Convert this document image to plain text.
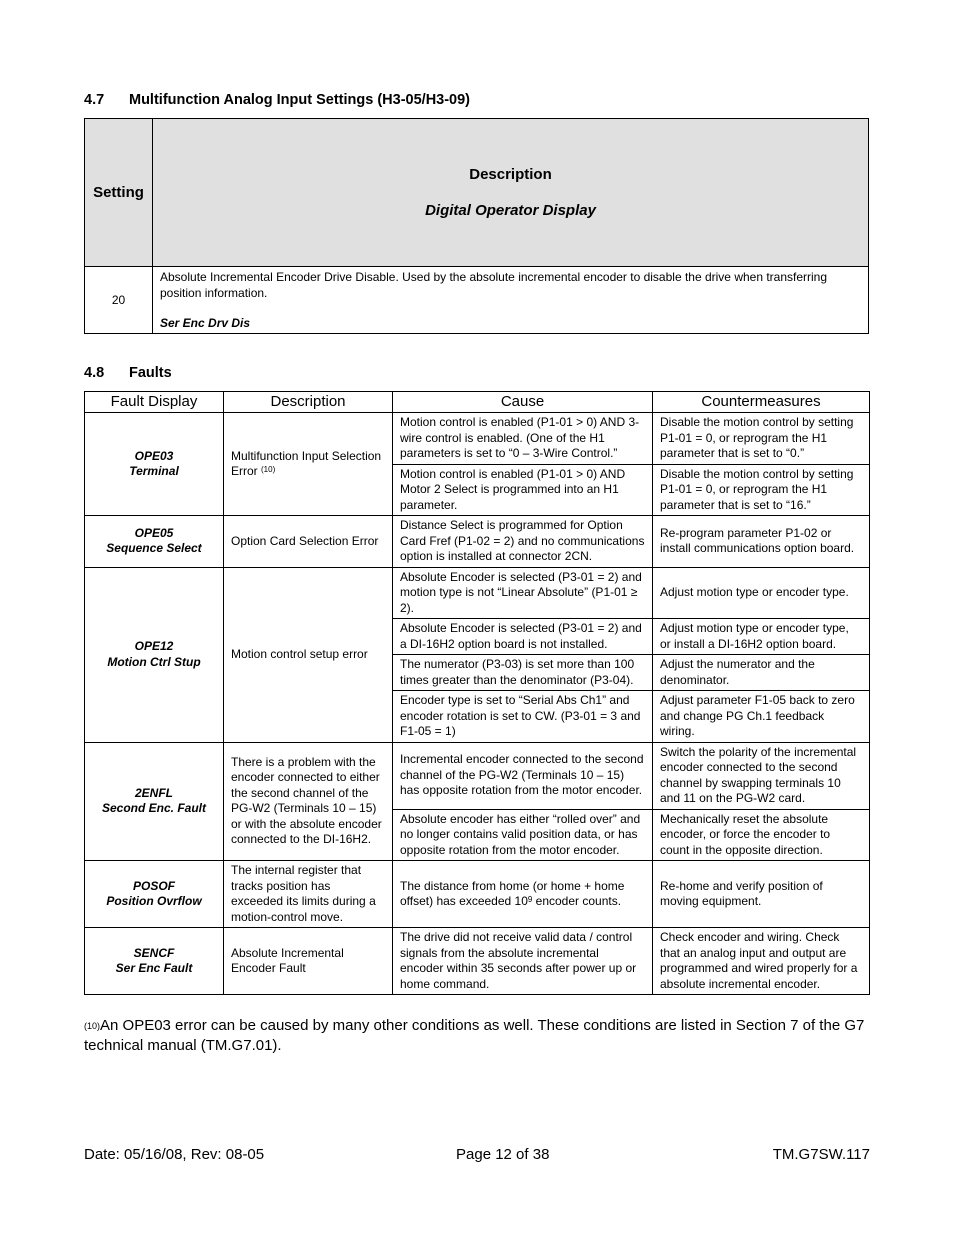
4.7 Multifunction Analog Input Settings (H3-05/H3-09)
Setting	Description
Digital Operator Display

20	Absolute Incremental Encoder Drive Disable. Used by the absolute incremental encoder to disable the drive when transferring position information.
Ser Enc Drv Dis
4.8 Faults
Fault Display	Description	Cause	Countermeasures

OPE03
Terminal	Multifunction Input Selection Error $^{(10)}$	Motion control is enabled (P1-01 > 0) AND 3-wire control is enabled. (One of the H1 parameters is set to “0 – 3-Wire Control.”	Disable the motion control by setting P1-01 = 0, or reprogram the H1 parameter that is set to “0.”
		Motion control is enabled (P1-01 > 0) AND Motor 2 Select is programmed into an H1 parameter.	Disable the motion control by setting P1-01 = 0, or reprogram the H1 parameter that is set to “16.”

OPE05
Sequence Select	Option Card Selection Error	Distance Select is programmed for Option Card Fref (P1-02 = 2) and no communications option is installed at connector 2CN.	Re-program parameter P1-02 or install communications option board.

OPE12
Motion Ctrl Stup	Motion control setup error	Absolute Encoder is selected (P3-01 = 2) and motion type is not “Linear Absolute” (P1-01 ≥ 2).	Adjust motion type or encoder type.
		Absolute Encoder is selected (P3-01 = 2) and a DI-16H2 option board is not installed.	Adjust motion type or encoder type, or install a DI-16H2 option board.
		The numerator (P3-03) is set more than 100 times greater than the denominator (P3-04).	Adjust the numerator and the denominator.
		Encoder type is set to “Serial Abs Ch1” and encoder rotation is set to CW. (P3-01 = 3 and F1-05 = 1)	Adjust parameter F1-05 back to zero and change PG Ch.1 feedback wiring.

2ENFL
Second Enc. Fault	There is a problem with the encoder connected to either the second channel of the PG-W2 (Terminals 10 – 15) or with the absolute encoder connected to the DI-16H2.	Incremental encoder connected to the second channel of the PG-W2 (Terminals 10 – 15) has opposite rotation from the motor encoder.	Switch the polarity of the incremental encoder connected to the second channel by swapping terminals 10 and 11 on the PG-W2 card.
		Absolute encoder has either “rolled over” and no longer contains valid position data, or has opposite rotation from the motor encoder.	Mechanically reset the absolute encoder, or force the encoder to count in the opposite direction.

POSOF
Position Ovrflow	The internal register that tracks position has exceeded its limits during a motion-control move.	The distance from home (or home + home offset) has exceeded $10^9$ encoder counts.	Re-home and verify position of moving equipment.

SENCF
Ser Enc Fault	Absolute Incremental Encoder Fault	The drive did not receive valid data / control signals from the absolute incremental encoder within 35 seconds after power up or home command.	Check encoder and wiring. Check that an analog input and output are programmed and wired properly for a absolute incremental encoder.
$^{(10)}$An OPE03 error can be caused by many other conditions as well. These conditions are listed in Section 7 of the G7 technical manual (TM.G7.01).
Date: 05/16/08, Rev: 08-05	Page 12 of 38	TM.G7SW.117
